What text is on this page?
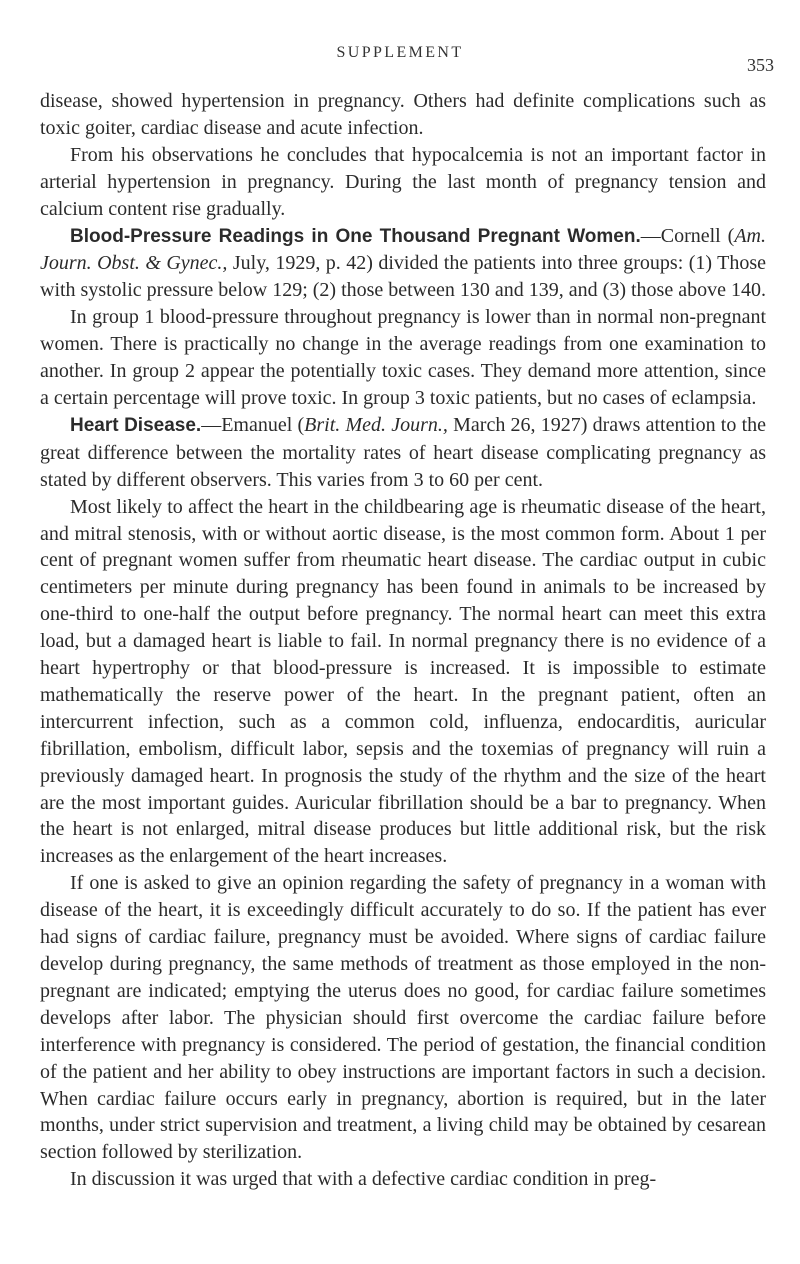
SUPPLEMENT
353

disease, showed hypertension in pregnancy. Others had definite complications such as toxic goiter, cardiac disease and acute infection.

From his observations he concludes that hypocalcemia is not an important factor in arterial hypertension in pregnancy. During the last month of pregnancy tension and calcium content rise gradually.

Blood-Pressure Readings in One Thousand Pregnant Women.—Cornell (Am. Journ. Obst. & Gynec., July, 1929, p. 42) divided the patients into three groups: (1) Those with systolic pressure below 129; (2) those between 130 and 139, and (3) those above 140.

In group 1 blood-pressure throughout pregnancy is lower than in normal non-pregnant women. There is practically no change in the average readings from one examination to another. In group 2 appear the potentially toxic cases. They demand more attention, since a certain percentage will prove toxic. In group 3 toxic patients, but no cases of eclampsia.

Heart Disease.—Emanuel (Brit. Med. Journ., March 26, 1927) draws attention to the great difference between the mortality rates of heart disease complicating pregnancy as stated by different observers. This varies from 3 to 60 per cent.

Most likely to affect the heart in the childbearing age is rheumatic disease of the heart, and mitral stenosis, with or without aortic disease, is the most common form. About 1 per cent of pregnant women suffer from rheumatic heart disease. The cardiac output in cubic centimeters per minute during pregnancy has been found in animals to be increased by one-third to one-half the output before pregnancy. The normal heart can meet this extra load, but a damaged heart is liable to fail. In normal pregnancy there is no evidence of a heart hypertrophy or that blood-pressure is increased. It is impossible to estimate mathematically the reserve power of the heart. In the pregnant patient, often an intercurrent infection, such as a common cold, influenza, endocarditis, auricular fibrillation, embolism, difficult labor, sepsis and the toxemias of pregnancy will ruin a previously damaged heart. In prognosis the study of the rhythm and the size of the heart are the most important guides. Auricular fibrillation should be a bar to pregnancy. When the heart is not enlarged, mitral disease produces but little additional risk, but the risk increases as the enlargement of the heart increases.

If one is asked to give an opinion regarding the safety of pregnancy in a woman with disease of the heart, it is exceedingly difficult accurately to do so. If the patient has ever had signs of cardiac failure, pregnancy must be avoided. Where signs of cardiac failure develop during pregnancy, the same methods of treatment as those employed in the non-pregnant are indicated; emptying the uterus does no good, for cardiac failure sometimes develops after labor. The physician should first overcome the cardiac failure before interference with pregnancy is considered. The period of gestation, the financial condition of the patient and her ability to obey instructions are important factors in such a decision. When cardiac failure occurs early in pregnancy, abortion is required, but in the later months, under strict supervision and treatment, a living child may be obtained by cesarean section followed by sterilization.

In discussion it was urged that with a defective cardiac condition in preg-
